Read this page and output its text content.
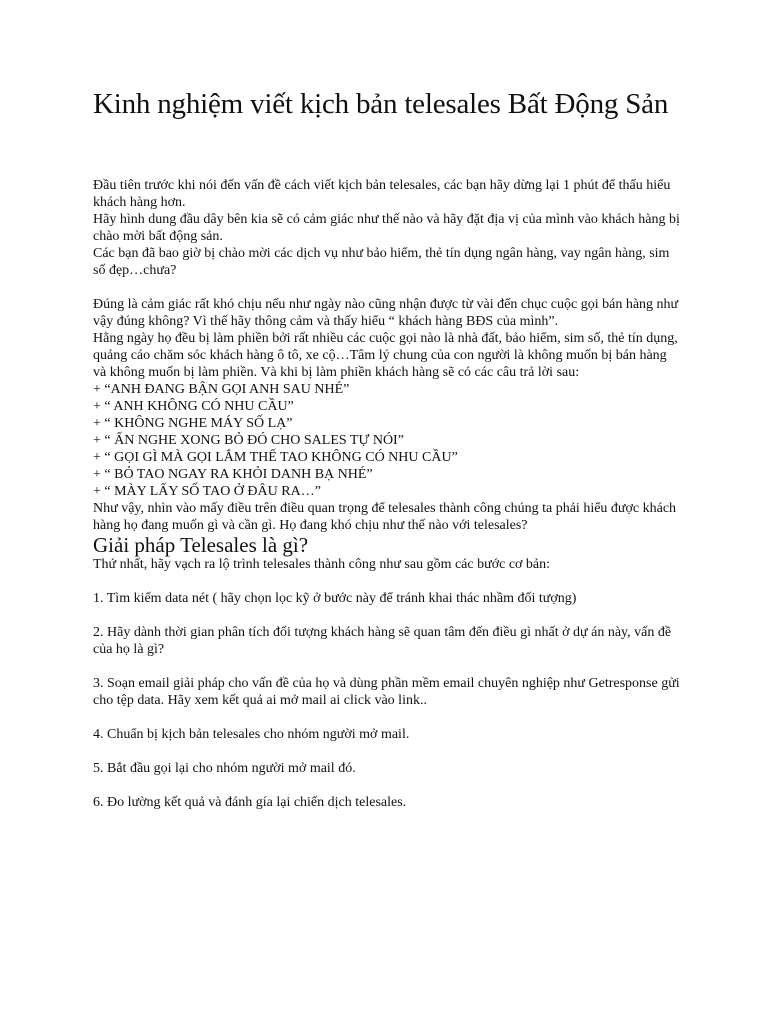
Kinh nghiệm viết kịch bản telesales Bất Động Sản

Đầu tiên trước khi nói đến vấn đề cách viết kịch bản telesales, các bạn hãy dừng lại 1 phút để thấu hiểu khách hàng hơn.

Hãy hình dung đầu dây bên kia sẽ có cảm giác như thế nào và hãy đặt địa vị của mình vào khách hàng bị chào mời bất động sản.

Các bạn đã bao giờ bị chào mời các dịch vụ như bảo hiểm, thẻ tín dụng ngân hàng, vay ngân hàng, sim số đẹp…chưa?

Đúng là cảm giác rất khó chịu nếu như ngày nào cũng nhận được từ vài đến chục cuộc gọi bán hàng như vậy đúng không? Vì thế hãy thông cảm và thấy hiểu “ khách hàng BĐS của mình”.

Hằng ngày họ đều bị làm phiền bởi rất nhiều các cuộc gọi nào là nhà đất, bảo hiểm, sim số, thẻ tín dụng, quảng cáo chăm sóc khách hàng ô tô, xe cộ…Tâm lý chung của con người là không muốn bị bán hàng và không muốn bị làm phiền. Và khi bị làm phiền khách hàng sẽ có các câu trả lời sau:

+ “ANH ĐANG BẬN GỌI ANH SAU NHÉ”

+ “ ANH KHÔNG CÓ NHU CẦU”

+ “ KHÔNG NGHE MÁY SỐ LẠ”

+ “ ẤN NGHE XONG BỎ ĐÓ CHO SALES TỰ NÓI”

+ “ GỌI GÌ MÀ GỌI LẮM THẾ TAO KHÔNG CÓ NHU CẦU”

+ “ BỎ TAO NGAY RA KHỎI DANH BẠ NHÉ”

+ “ MÀY LẤY SỐ TAO Ở ĐÂU RA…”

Như vậy, nhìn vào mấy điều trên điều quan trọng để telesales thành công chúng ta phải hiểu được khách hàng họ đang muốn gì và cần gì. Họ đang khó chịu như thế nào với telesales?

Giải pháp Telesales là gì?

Thứ nhất, hãy vạch ra lộ trình telesales thành công như sau gồm các bước cơ bản:

1. Tìm kiếm data nét ( hãy chọn lọc kỹ ở bước này để tránh khai thác nhầm đối tượng)

2. Hãy dành thời gian phân tích đối tượng khách hàng sẽ quan tâm đến điều gì nhất ở dự án này, vấn đề của họ là gì?

3. Soạn email giải pháp cho vấn đề của họ và dùng phần mềm email chuyên nghiệp như Getresponse gửi cho tệp data. Hãy xem kết quả ai mở mail ai click vào link..

4. Chuẩn bị kịch bản telesales cho nhóm người mở mail.

5. Bắt đầu gọi lại cho nhóm người mở mail đó.

6. Đo lường kết quả và đánh gía lại chiến dịch telesales.
